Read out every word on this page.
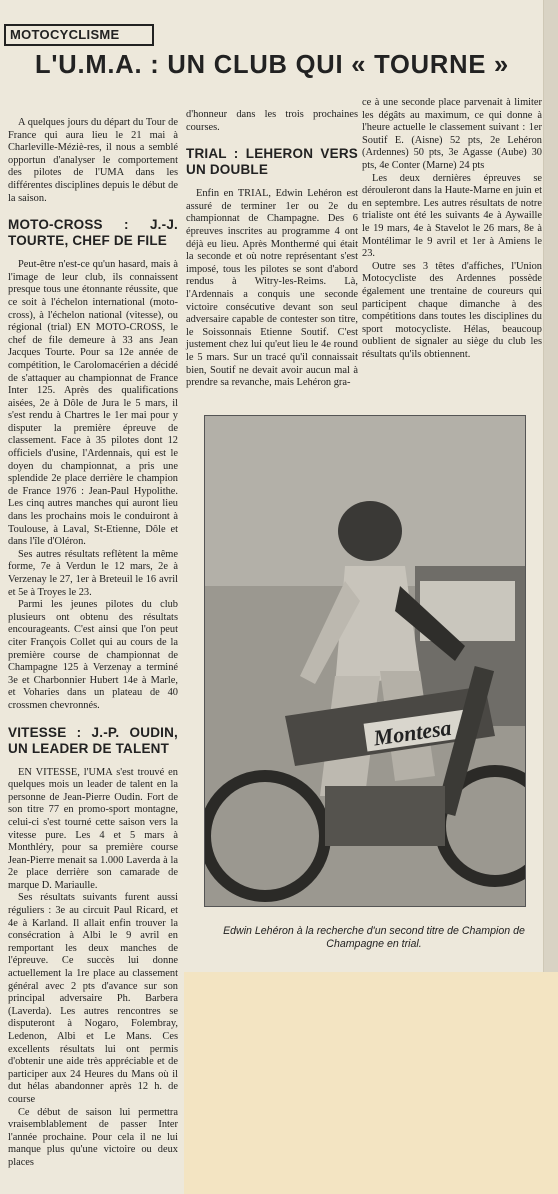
MOTOCYCLISME
L'U.M.A. : UN CLUB QUI « TOURNE »

A quelques jours du départ du Tour de France qui aura lieu le 21 mai à Charleville-Méziè-res, il nous a semblé opportun d'analyser le comportement des pilotes de l'UMA dans les différentes disciplines depuis le début de la saison.

MOTO-CROSS : J.-J. TOURTE, CHEF DE FILE

Peut-être n'est-ce qu'un hasard, mais à l'image de leur club, ils connaissent presque tous une étonnante réussite, que ce soit à l'échelon international (moto-cross), à l'échelon national (vitesse), ou régional (trial) EN MOTO-CROSS, le chef de file demeure à 33 ans Jean Jacques Tourte. Pour sa 12e année de compétition, le Carolomacérien a décidé de s'attaquer au championnat de France Inter 125. Après des qualifications aisées, 2e à Dôle de Jura le 5 mars, il s'est rendu à Chartres le 1er mai pour y disputer la première épreuve de classement. Face à 35 pilotes dont 12 officiels d'usine, l'Ardennais, qui est le doyen du championnat, a pris une splendide 2e place derrière le champion de France 1976 : Jean-Paul Hypolithe. Les cinq autres manches qui auront lieu dans les prochains mois le conduiront à Toulouse, à Laval, St-Etienne, Dôle et dans l'île d'Oléron.

Ses autres résultats reflètent la même forme, 7e à Verdun le 12 mars, 2e à Verzenay le 27, 1er à Breteuil le 16 avril et 5e à Troyes le 23.

Parmi les jeunes pilotes du club plusieurs ont obtenu des résultats encourageants. C'est ainsi que l'on peut citer François Collet qui au cours de la première course de championnat de Champagne 125 à Verzenay a terminé 3e et Charbonnier Hubert 14e à Marle, et Voharies dans un plateau de 40 crossmen chevronnés.

VITESSE : J.-P. OUDIN, UN LEADER DE TALENT

EN VITESSE, l'UMA s'est trouvé en quelques mois un leader de talent en la personne de Jean-Pierre Oudin. Fort de son titre 77 en promo-sport montagne, celui-ci s'est tourné cette saison vers la vitesse pure. Les 4 et 5 mars à Monthléry, pour sa première course Jean-Pierre menait sa 1.000 Laverda à la 2e place derrière son camarade de marque D. Mariaulle.

Ses résultats suivants furent aussi réguliers : 3e au circuit Paul Ricard, et 4e à Karland. Il allait enfin trouver la consécration à Albi le 9 avril en remportant les deux manches de l'épreuve. Ce succès lui donne actuellement la 1re place au classement général avec 2 pts d'avance sur son principal adversaire Ph. Barbera (Laverda). Les autres rencontres se disputeront à Nogaro, Folembray, Ledenon, Albi et Le Mans. Ces excellents résultats lui ont permis d'obtenir une aide très appréciable et de participer aux 24 Heures du Mans où il dut hélas abandonner après 12 h. de course

Ce début de saison lui permettra vraisemblablement de passer Inter l'année prochaine. Pour cela il ne lui manque plus qu'une victoire ou deux places

d'honneur dans les trois prochaines courses.

TRIAL : LEHERON VERS UN DOUBLE

Enfin en TRIAL, Edwin Lehéron est assuré de terminer 1er ou 2e du championnat de Champagne. Des 6 épreuves inscrites au programme 4 ont déjà eu lieu. Après Monthermé qui était la seconde et où notre représentant s'est imposé, tous les pilotes se sont d'abord rendus à Witry-les-Reims. Là, l'Ardennais a conquis une seconde victoire consécutive devant son seul adversaire capable de contester son titre, le Soissonnais Etienne Soutif. C'est justement chez lui qu'eut lieu le 4e round le 5 mars. Sur un tracé qu'il connaissait bien, Soutif ne devait avoir aucun mal à prendre sa revanche, mais Lehéron gra-

ce à une seconde place parvenait à limiter les dégâts au maximum, ce qui donne à l'heure actuelle le classement suivant : 1er Soutif E. (Aisne) 52 pts, 2e Lehéron (Ardennes) 50 pts, 3e Agasse (Aube) 30 pts, 4e Conter (Marne) 24 pts

Les deux dernières épreuves se dérouleront dans la Haute-Marne en juin et en septembre. Les autres résultats de notre trialiste ont été les suivants 4e à Aywaille le 19 mars, 4e à Stavelot le 26 mars, 8e à Montélimar le 9 avril et 1er à Amiens le 23.

Outre ses 3 têtes d'affiches, l'Union Motocycliste des Ardennes possède également une trentaine de coureurs qui participent chaque dimanche à des compétitions dans toutes les disciplines du sport motocycliste. Hélas, beaucoup oublient de signaler au siège du club les résultats qu'ils obtiennent.

Montesa
Edwin Lehéron à la recherche d'un second titre de Champion de Champagne en trial.
